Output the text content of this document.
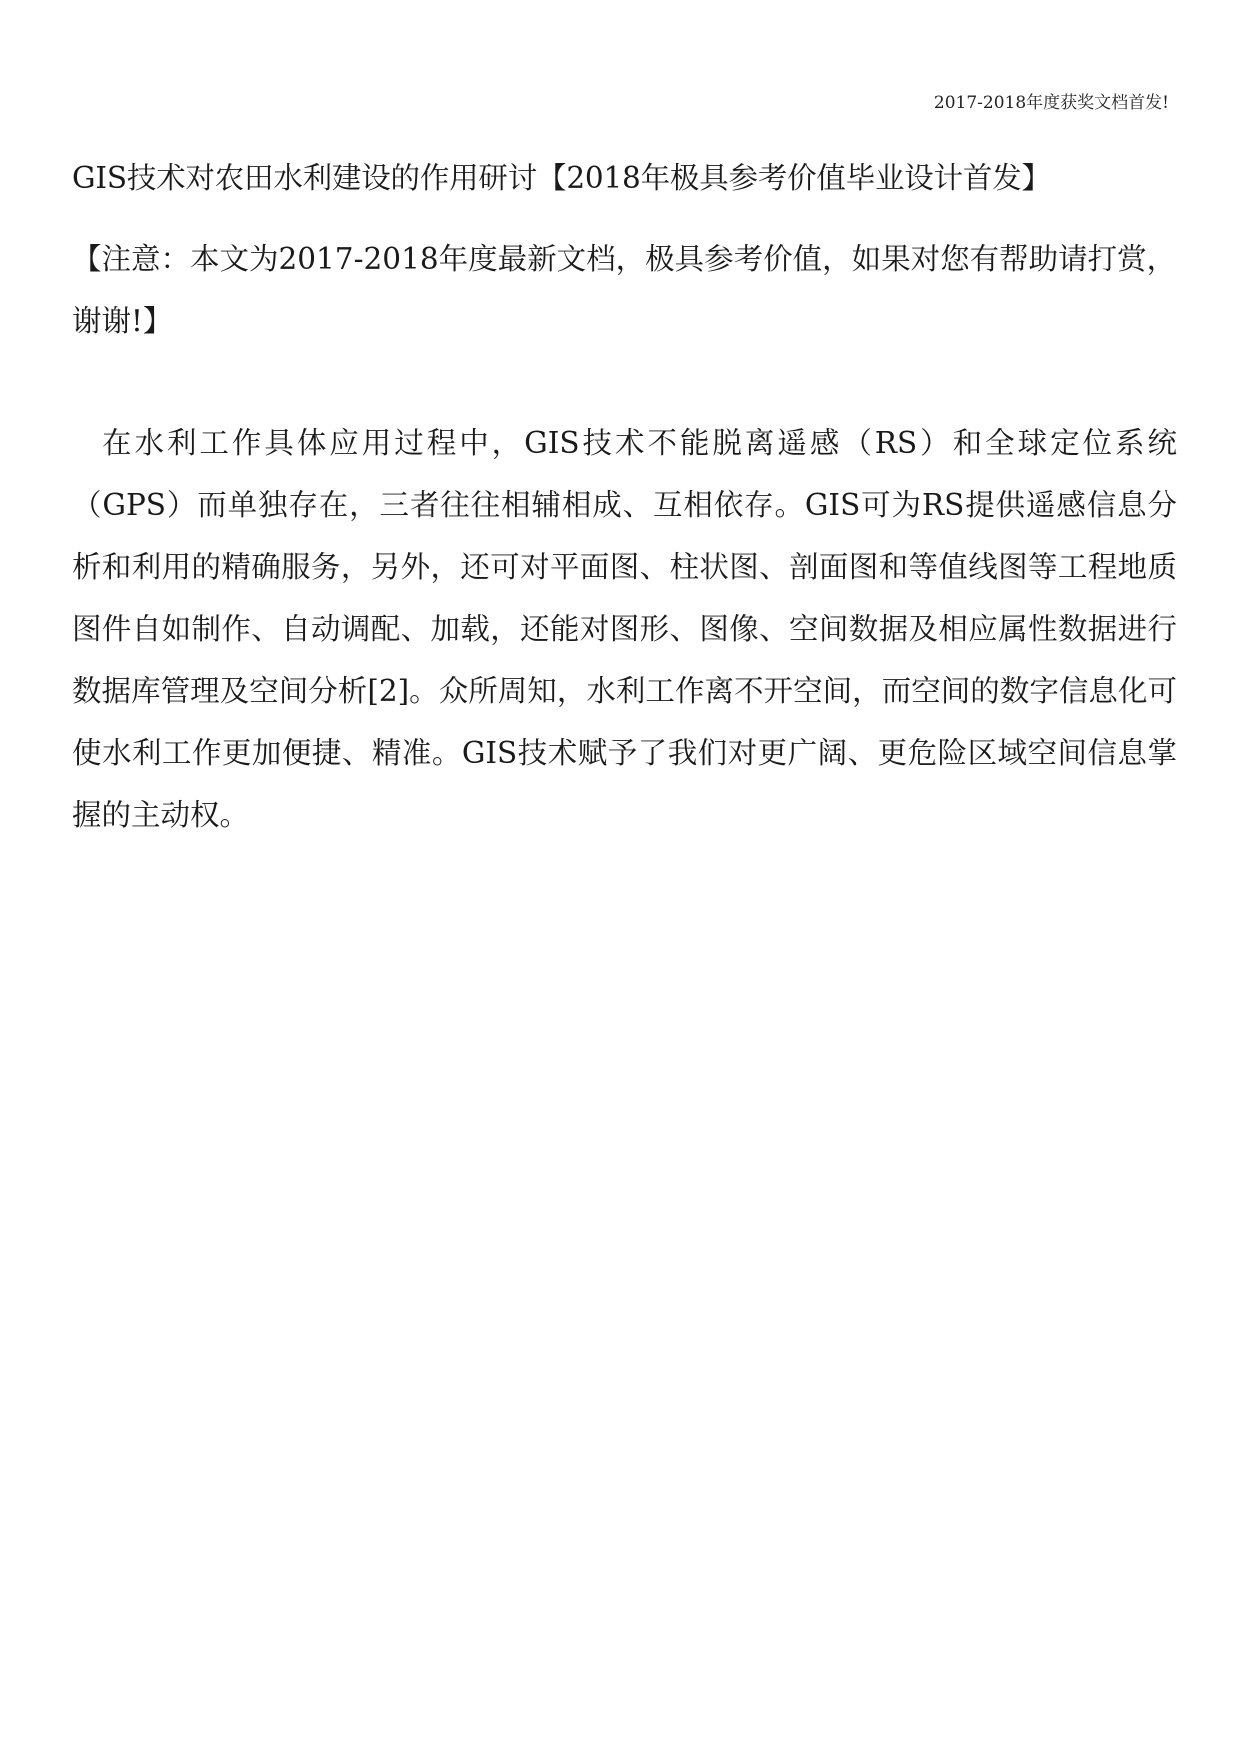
2017-2018年度获奖文档首发!
GIS技术对农田水利建设的作用研讨【2018年极具参考价值毕业设计首发】
【注意：本文为2017-2018年度最新文档，极具参考价值，如果对您有帮助请打赏，谢谢!】

在水利工作具体应用过程中，GIS技术不能脱离遥感（RS）和全球定位系统（GPS）而单独存在，三者往往相辅相成、互相依存。GIS可为RS提供遥感信息分析和利用的精确服务，另外，还可对平面图、柱状图、剖面图和等值线图等工程地质图件自如制作、自动调配、加载，还能对图形、图像、空间数据及相应属性数据进行数据库管理及空间分析[2]。众所周知，水利工作离不开空间，而空间的数字信息化可使水利工作更加便捷、精准。GIS技术赋予了我们对更广阔、更危险区域空间信息掌握的主动权。
